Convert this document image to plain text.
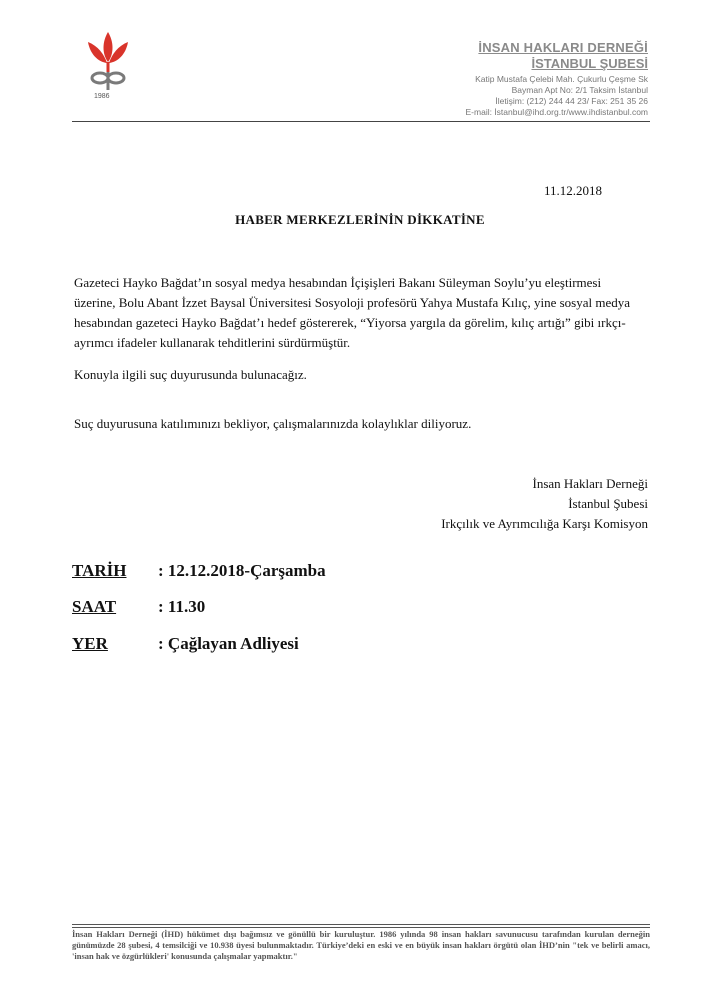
1986
İNSAN HAKLARI DERNEĞİ
İSTANBUL ŞUBESİ
Katip Mustafa Çelebi Mah. Çukurlu Çeşme Sk
Bayman Apt No: 2/1 Taksim İstanbul
İletişim: (212) 244 44 23/ Fax: 251 35 26
E-mail: İstanbul@ihd.org.tr/www.ihdistanbul.com
11.12.2018
HABER MERKEZLERİNİN DİKKATİNE
Gazeteci Hayko Bağdat’ın sosyal medya hesabından İçişişleri Bakanı Süleyman Soylu’yu eleştirmesi üzerine, Bolu Abant İzzet Baysal Üniversitesi Sosyoloji profesörü Yahya Mustafa Kılıç, yine sosyal medya hesabından gazeteci Hayko Bağdat’ı hedef göstererek, “Yiyorsa yargıla da görelim, kılıç artığı” gibi ırkçı-ayrımcı ifadeler kullanarak tehditlerini sürdürmüştür.
Konuyla ilgili suç duyurusunda bulunacağız.
Suç duyurusuna katılımınızı bekliyor, çalışmalarınızda kolaylıklar diliyoruz.
İnsan Hakları Derneği
İstanbul Şubesi
Irkçılık ve Ayrımcılığa Karşı Komisyon
TARİH : 12.12.2018-Çarşamba
SAAT : 11.30
YER	: Çağlayan Adliyesi
İnsan Hakları Derneği (İHD) hükümet dışı bağımsız ve gönüllü bir kuruluştur. 1986 yılında 98 insan hakları savunucusu tarafından kurulan derneğin günümüzde 28 şubesi, 4 temsilciği ve 10.938 üyesi bulunmaktadır. Türkiye’deki en eski ve en büyük insan hakları örgütü olan İHD’nin "tek ve belirli amacı, 'insan hak ve özgürlükleri' konusunda çalışmalar yapmaktır."
